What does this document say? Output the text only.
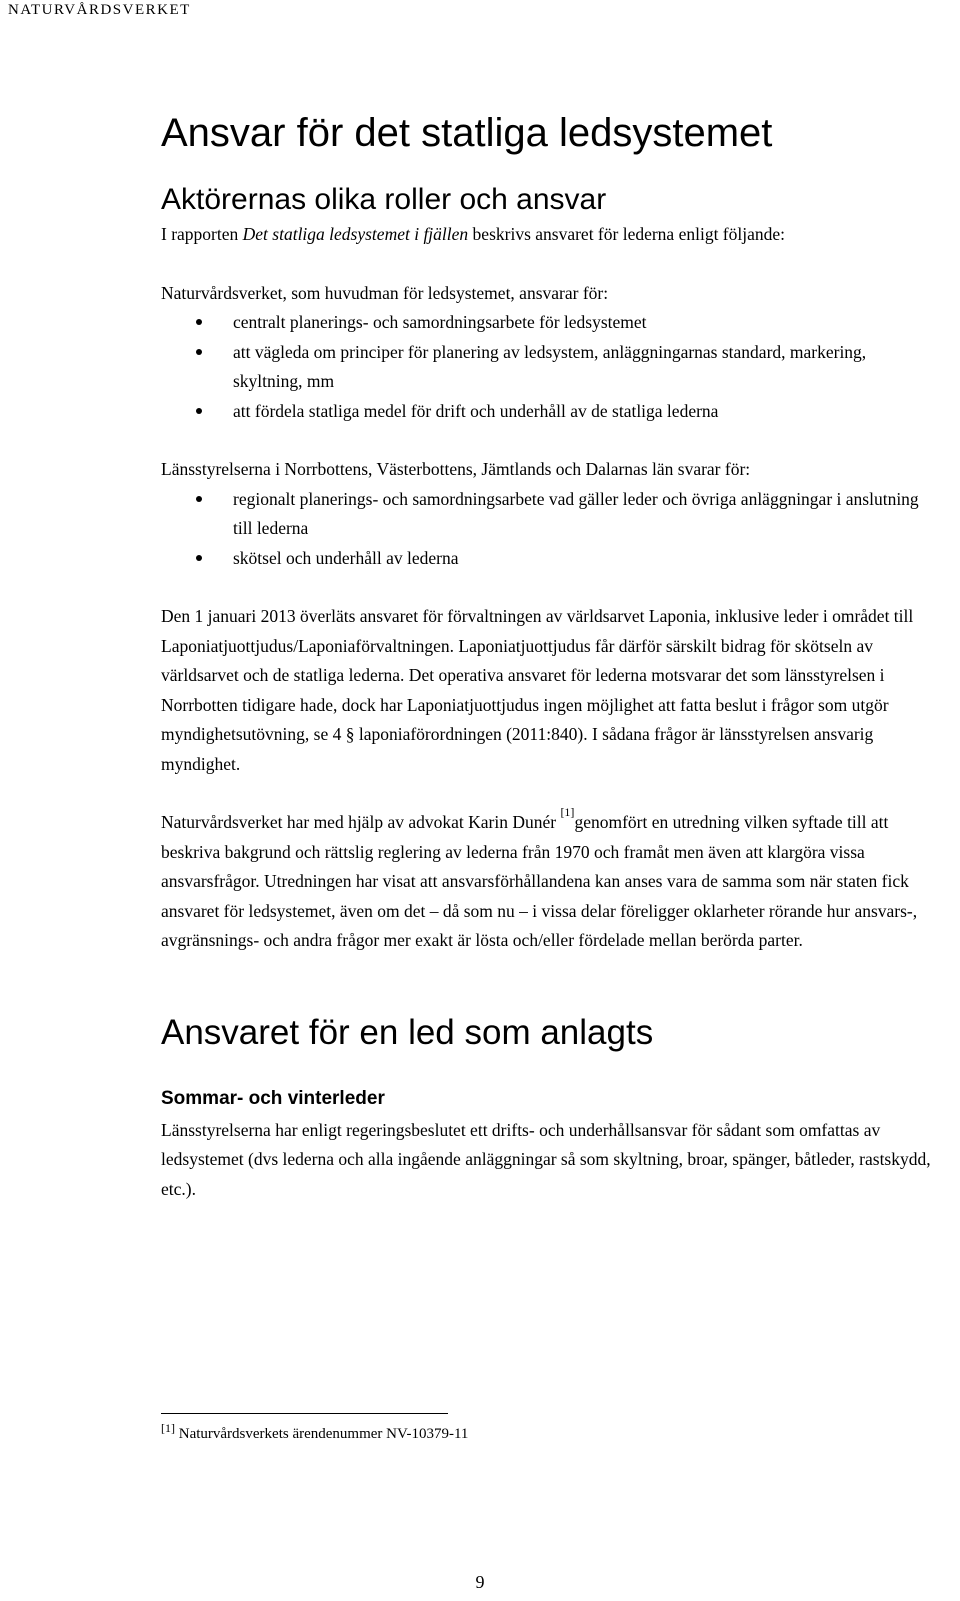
NATURVÅRDSVERKET
Ansvar för det statliga ledsystemet
Aktörernas olika roller och ansvar

I rapporten Det statliga ledsystemet i fjällen beskrivs ansvaret för lederna enligt följande:

Naturvårdsverket, som huvudman för ledsystemet, ansvarar för:

centralt planerings- och samordningsarbete för ledsystemet
att vägleda om principer för planering av ledsystem, anläggningarnas standard, markering, skyltning, mm
att fördela statliga medel för drift och underhåll av de statliga lederna

Länsstyrelserna i Norrbottens, Västerbottens, Jämtlands och Dalarnas län svarar för:

regionalt planerings- och samordningsarbete vad gäller leder och övriga anläggningar i anslutning till lederna
skötsel och underhåll av lederna

Den 1 januari 2013 överläts ansvaret för förvaltningen av världsarvet Laponia, inklusive leder i området till Laponiatjuottjudus/Laponiaförvaltningen. Laponiatjuottjudus får därför särskilt bidrag för skötseln av världsarvet och de statliga lederna. Det operativa ansvaret för lederna motsvarar det som länsstyrelsen i Norrbotten tidigare hade, dock har Laponiatjuottjudus ingen möjlighet att fatta beslut i frågor som utgör myndighetsutövning, se 4 § laponiaförordningen (2011:840). I sådana frågor är länsstyrelsen ansvarig myndighet.

Naturvårdsverket har med hjälp av advokat Karin Dunér [1]genomfört en utredning vilken syftade till att beskriva bakgrund och rättslig reglering av lederna från 1970 och framåt men även att klargöra vissa ansvarsfrågor. Utredningen har visat att ansvarsförhållandena kan anses vara de samma som när staten fick ansvaret för ledsystemet, även om det – då som nu – i vissa delar föreligger oklarheter rörande hur ansvars-, avgränsnings- och andra frågor mer exakt är lösta och/eller fördelade mellan berörda parter.

Ansvaret för en led som anlagts
Sommar- och vinterleder

Länsstyrelserna har enligt regeringsbeslutet ett drifts- och underhållsansvar för sådant som omfattas av ledsystemet (dvs lederna och alla ingående anläggningar så som skyltning, broar, spänger, båtleder, rastskydd, etc.).

[1] Naturvårdsverkets ärendenummer NV-10379-11
9
